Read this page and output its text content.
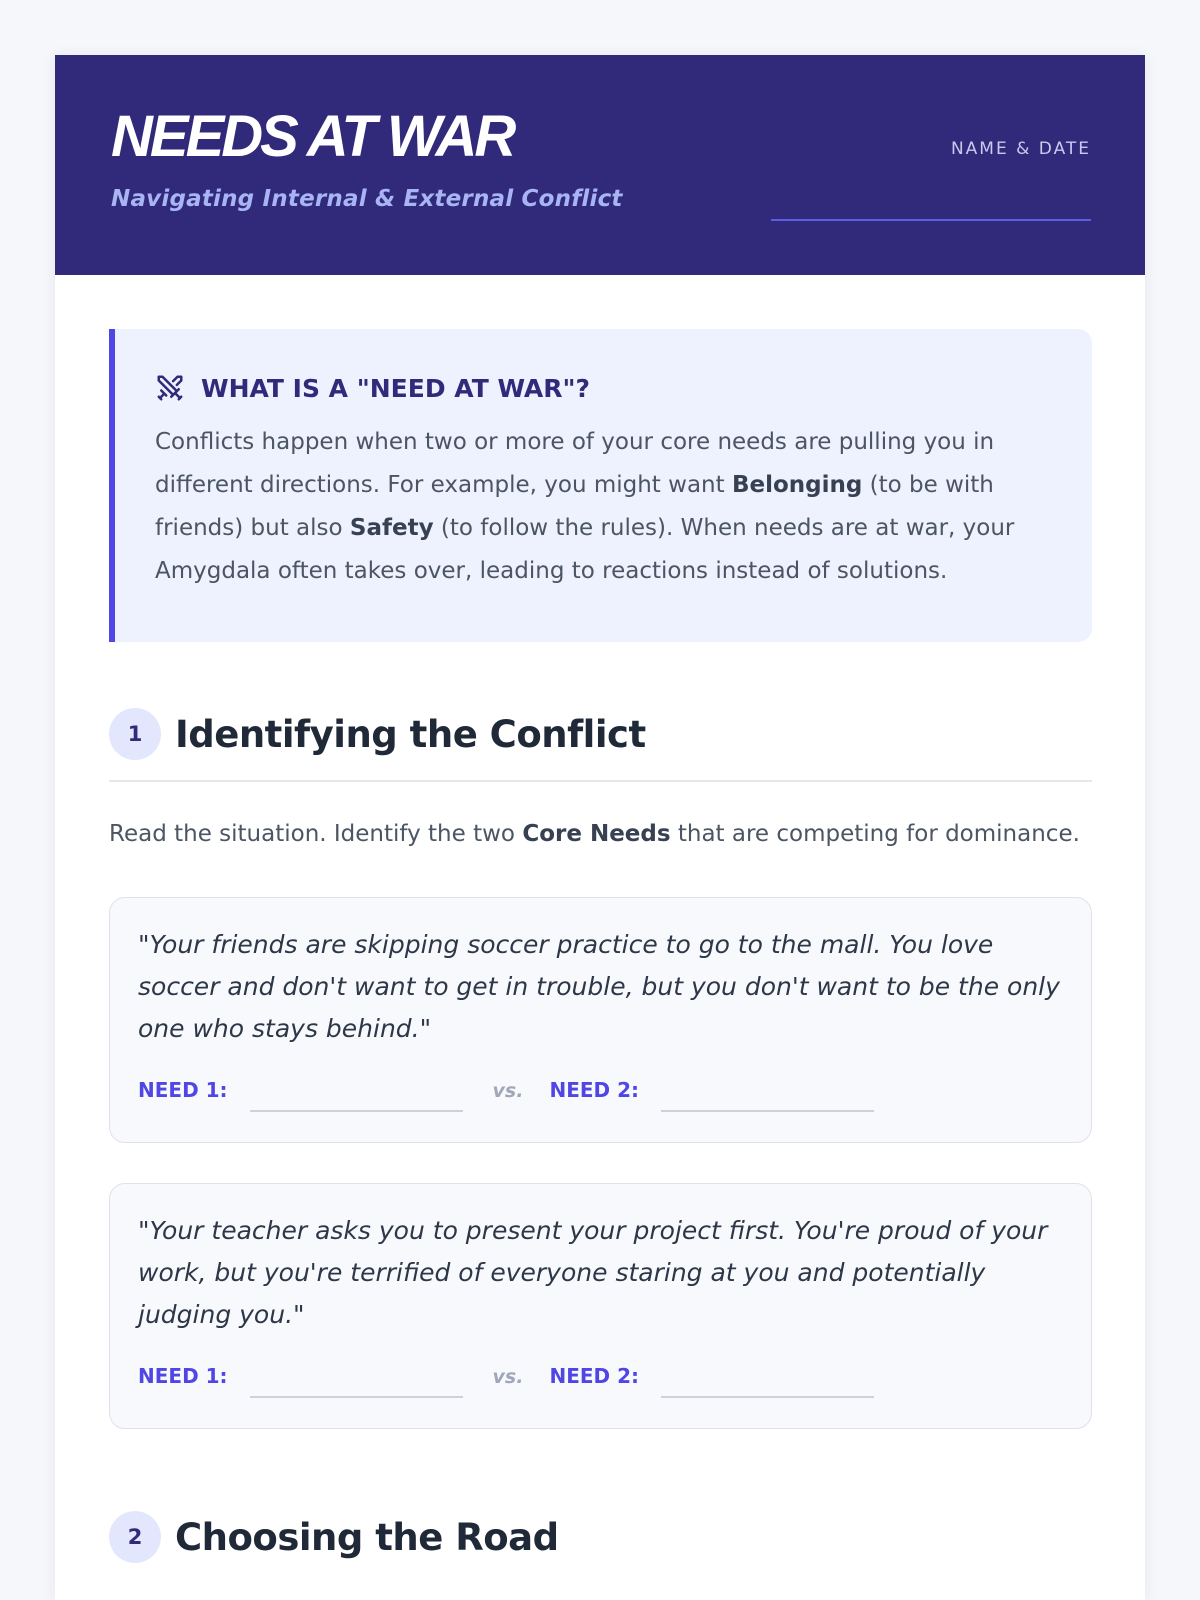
NEEDS AT WAR
Navigating Internal & External Conflict
NAME & DATE
WHAT IS A "NEED AT WAR"?
Conflicts happen when two or more of your core needs are pulling you in different directions. For example, you might want Belonging (to be with friends) but also Safety (to follow the rules). When needs are at war, your Amygdala often takes over, leading to reactions instead of solutions.
1 Identifying the Conflict
Read the situation. Identify the two Core Needs that are competing for dominance.
"Your friends are skipping soccer practice to go to the mall. You love soccer and don't want to get in trouble, but you don't want to be the only one who stays behind."
NEED 1:	vs. NEED 2:
"Your teacher asks you to present your project first. You're proud of your work, but you're terrified of everyone staring at you and potentially judging you."
NEED 1:	vs. NEED 2:
2 Choosing the Road
